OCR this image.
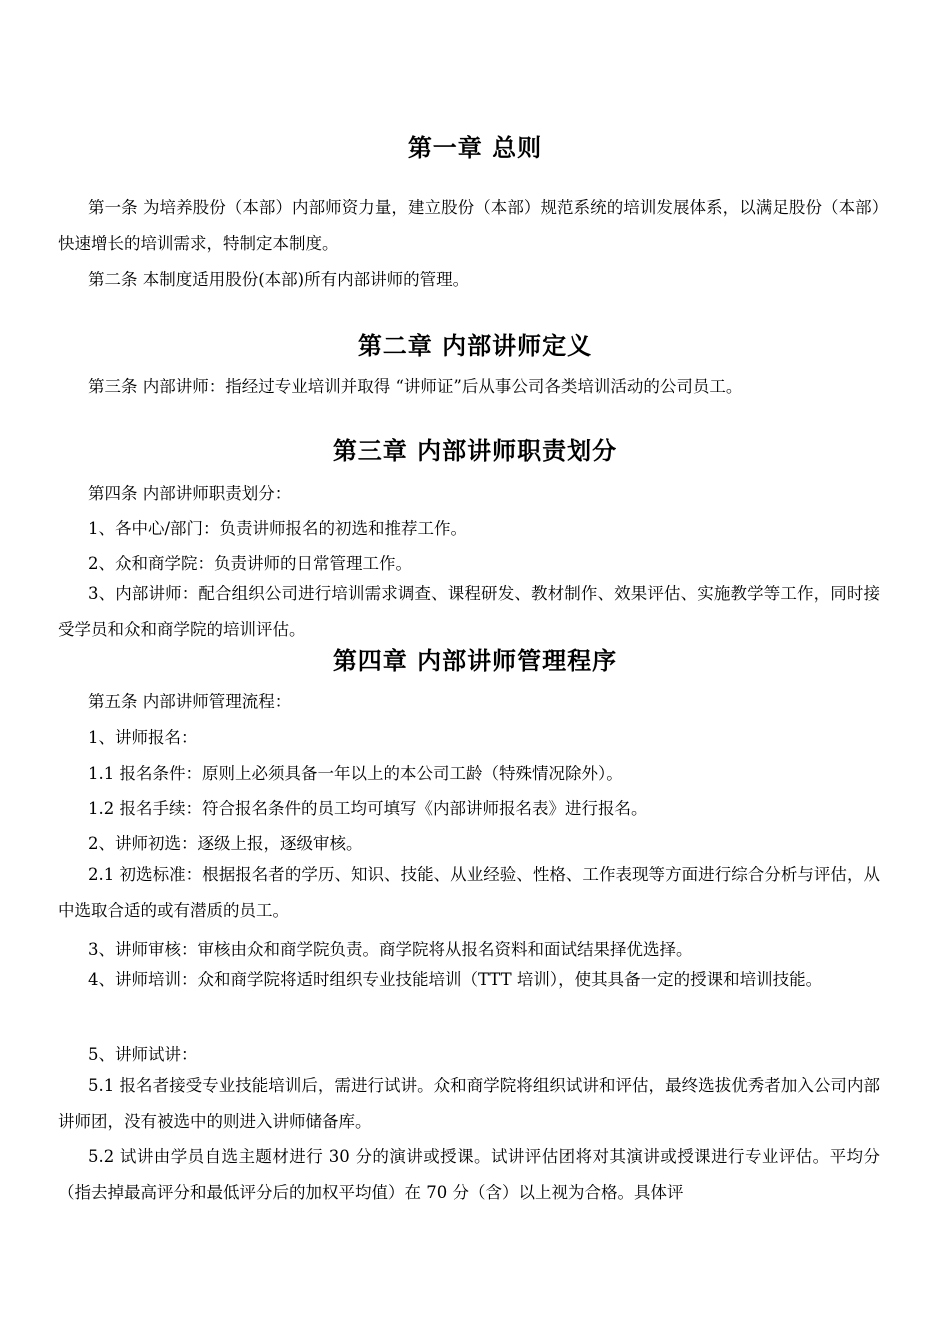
第一章 总则
第一条 为培养股份（本部）内部师资力量，建立股份（本部）规范系统的培训发展体系，以满足股份（本部）快速增长的培训需求，特制定本制度。
第二条 本制度适用股份(本部)所有内部讲师的管理。
第二章 内部讲师定义
第三条 内部讲师：指经过专业培训并取得 “讲师证”后从事公司各类培训活动的公司员工。
第三章 内部讲师职责划分
第四条 内部讲师职责划分：
1、各中心/部门：负责讲师报名的初选和推荐工作。
2、众和商学院：负责讲师的日常管理工作。
3、内部讲师：配合组织公司进行培训需求调查、课程研发、教材制作、效果评估、实施教学等工作，同时接受学员和众和商学院的培训评估。
第四章 内部讲师管理程序
第五条 内部讲师管理流程：
1、讲师报名：
1.1 报名条件：原则上必须具备一年以上的本公司工龄（特殊情况除外）。
1.2 报名手续：符合报名条件的员工均可填写《内部讲师报名表》进行报名。
2、讲师初选：逐级上报，逐级审核。
2.1 初选标准：根据报名者的学历、知识、技能、从业经验、性格、工作表现等方面进行综合分析与评估，从中选取合适的或有潜质的员工。
3、讲师审核：审核由众和商学院负责。商学院将从报名资料和面试结果择优选择。
4、讲师培训：众和商学院将适时组织专业技能培训（TTT 培训），使其具备一定的授课和培训技能。
5、讲师试讲：
5.1 报名者接受专业技能培训后，需进行试讲。众和商学院将组织试讲和评估，最终选拔优秀者加入公司内部讲师团，没有被选中的则进入讲师储备库。
5.2 试讲由学员自选主题材进行 30 分的演讲或授课。试讲评估团将对其演讲或授课进行专业评估。平均分（指去掉最高评分和最低评分后的加权平均值）在 70 分（含）以上视为合格。具体评
